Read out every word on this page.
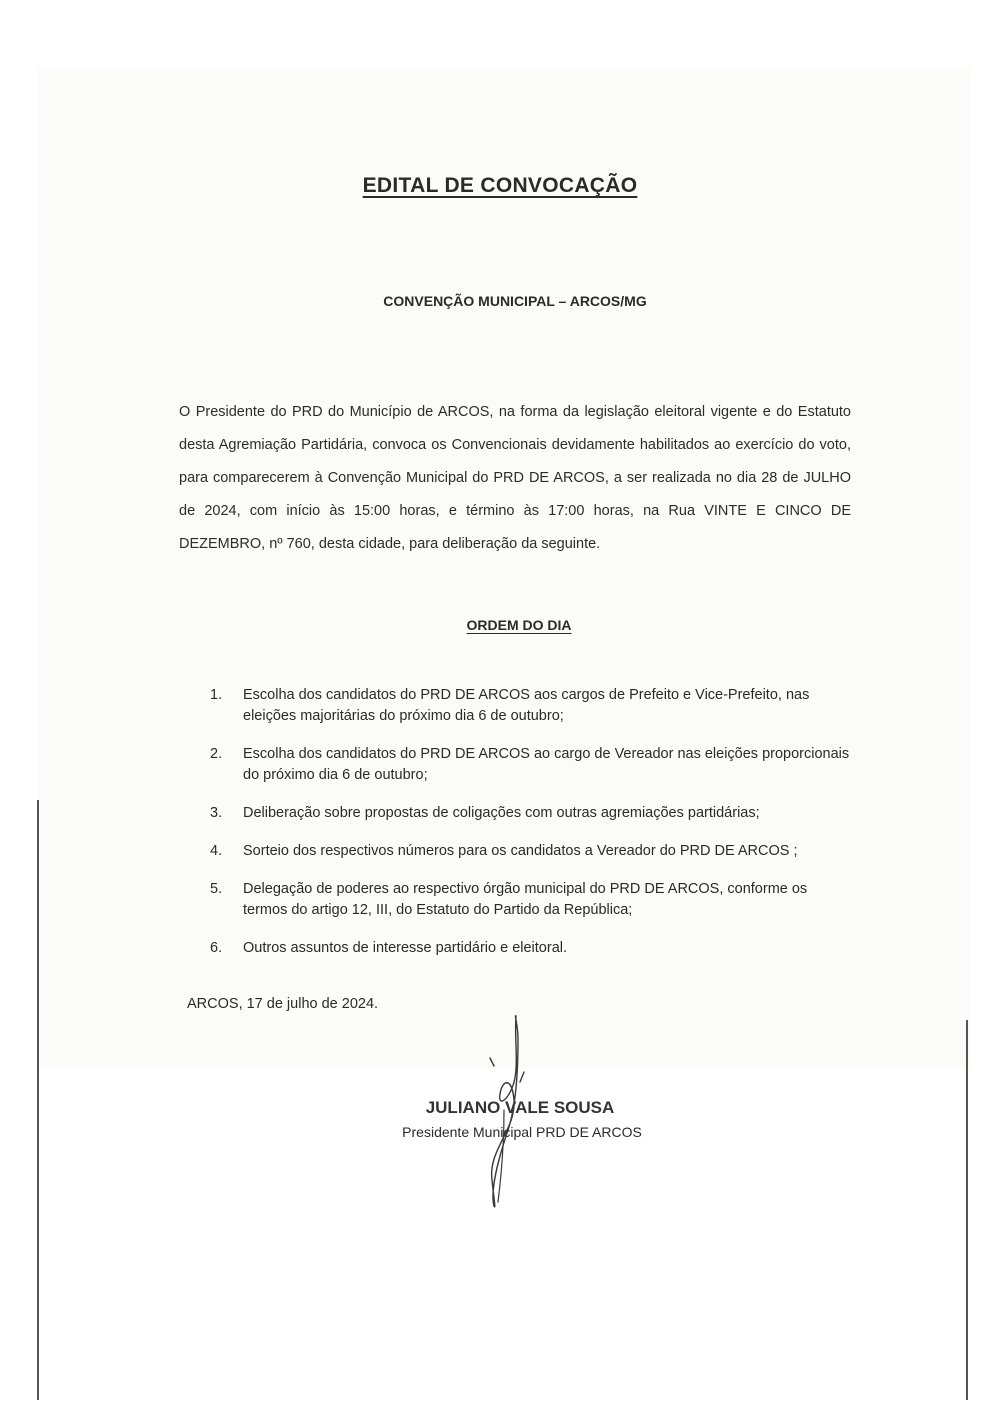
EDITAL DE CONVOCAÇÃO
CONVENÇÃO MUNICIPAL – ARCOS/MG
O Presidente do PRD do Município de ARCOS, na forma da legislação eleitoral vigente e do Estatuto desta Agremiação Partidária, convoca os Convencionais devidamente habilitados ao exercício do voto, para comparecerem à Convenção Municipal do PRD DE ARCOS, a ser realizada no dia 28 de JULHO de 2024, com início às 15:00 horas, e término às 17:00 horas, na Rua VINTE E CINCO DE DEZEMBRO, nº 760, desta cidade, para deliberação da seguinte.
ORDEM DO DIA
1.	Escolha dos candidatos do PRD DE ARCOS aos cargos de Prefeito e Vice-Prefeito, nas eleições majoritárias do próximo dia 6 de outubro;
2.	Escolha dos candidatos do PRD DE ARCOS ao cargo de Vereador nas eleições proporcionais do próximo dia 6 de outubro;
3.	Deliberação sobre propostas de coligações com outras agremiações partidárias;
4.	Sorteio dos respectivos números para os candidatos a Vereador do PRD DE ARCOS ;
5.	Delegação de poderes ao respectivo órgão municipal do PRD DE ARCOS, conforme os termos do artigo 12, III, do Estatuto do Partido da República;
6.	Outros assuntos de interesse partidário e eleitoral.
ARCOS, 17 de julho de 2024.
JULIANO VALE SOUSA
Presidente Municipal PRD DE ARCOS
